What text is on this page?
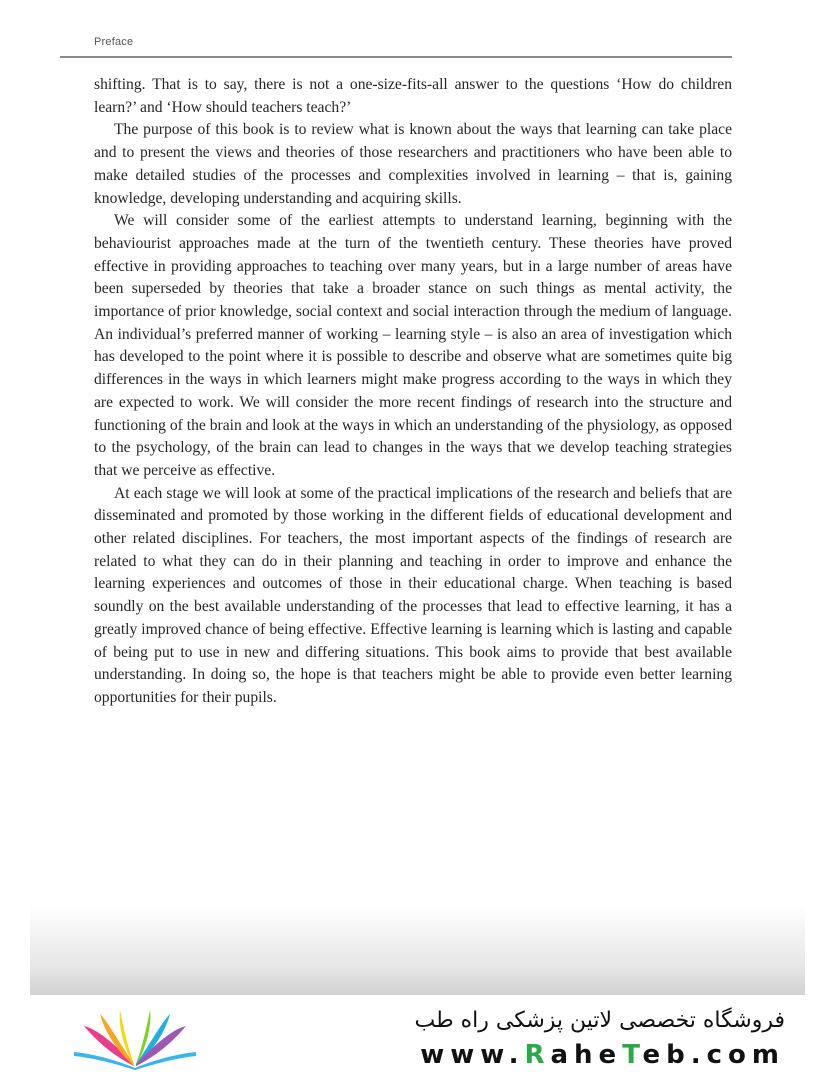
Preface

shifting. That is to say, there is not a one-size-fits-all answer to the questions ‘How do children learn?’ and ‘How should teachers teach?’

The purpose of this book is to review what is known about the ways that learning can take place and to present the views and theories of those researchers and practitioners who have been able to make detailed studies of the processes and complexities involved in learning – that is, gaining knowledge, developing understanding and acquiring skills.

We will consider some of the earliest attempts to understand learning, beginning with the behaviourist approaches made at the turn of the twentieth century. These theories have proved effective in providing approaches to teaching over many years, but in a large number of areas have been superseded by theories that take a broader stance on such things as mental activity, the importance of prior knowledge, social context and social interaction through the medium of language. An individual’s preferred manner of working – learning style – is also an area of investigation which has developed to the point where it is possible to describe and observe what are sometimes quite big differences in the ways in which learners might make progress according to the ways in which they are expected to work. We will consider the more recent findings of research into the structure and functioning of the brain and look at the ways in which an understanding of the physiology, as opposed to the psychology, of the brain can lead to changes in the ways that we develop teaching strategies that we perceive as effective.

At each stage we will look at some of the practical implications of the research and beliefs that are disseminated and promoted by those working in the different fields of educational development and other related disciplines. For teachers, the most important aspects of the findings of research are related to what they can do in their planning and teaching in order to improve and enhance the learning experiences and outcomes of those in their educational charge. When teaching is based soundly on the best available understanding of the processes that lead to effective learning, it has a greatly improved chance of being effective. Effective learning is learning which is lasting and capable of being put to use in new and differing situations. This book aims to provide that best available understanding. In doing so, the hope is that teachers might be able to provide even better learning opportunities for their pupils.

فروشگاه تخصصی لاتین پزشکی راه طب
www.RaheTeb.com
